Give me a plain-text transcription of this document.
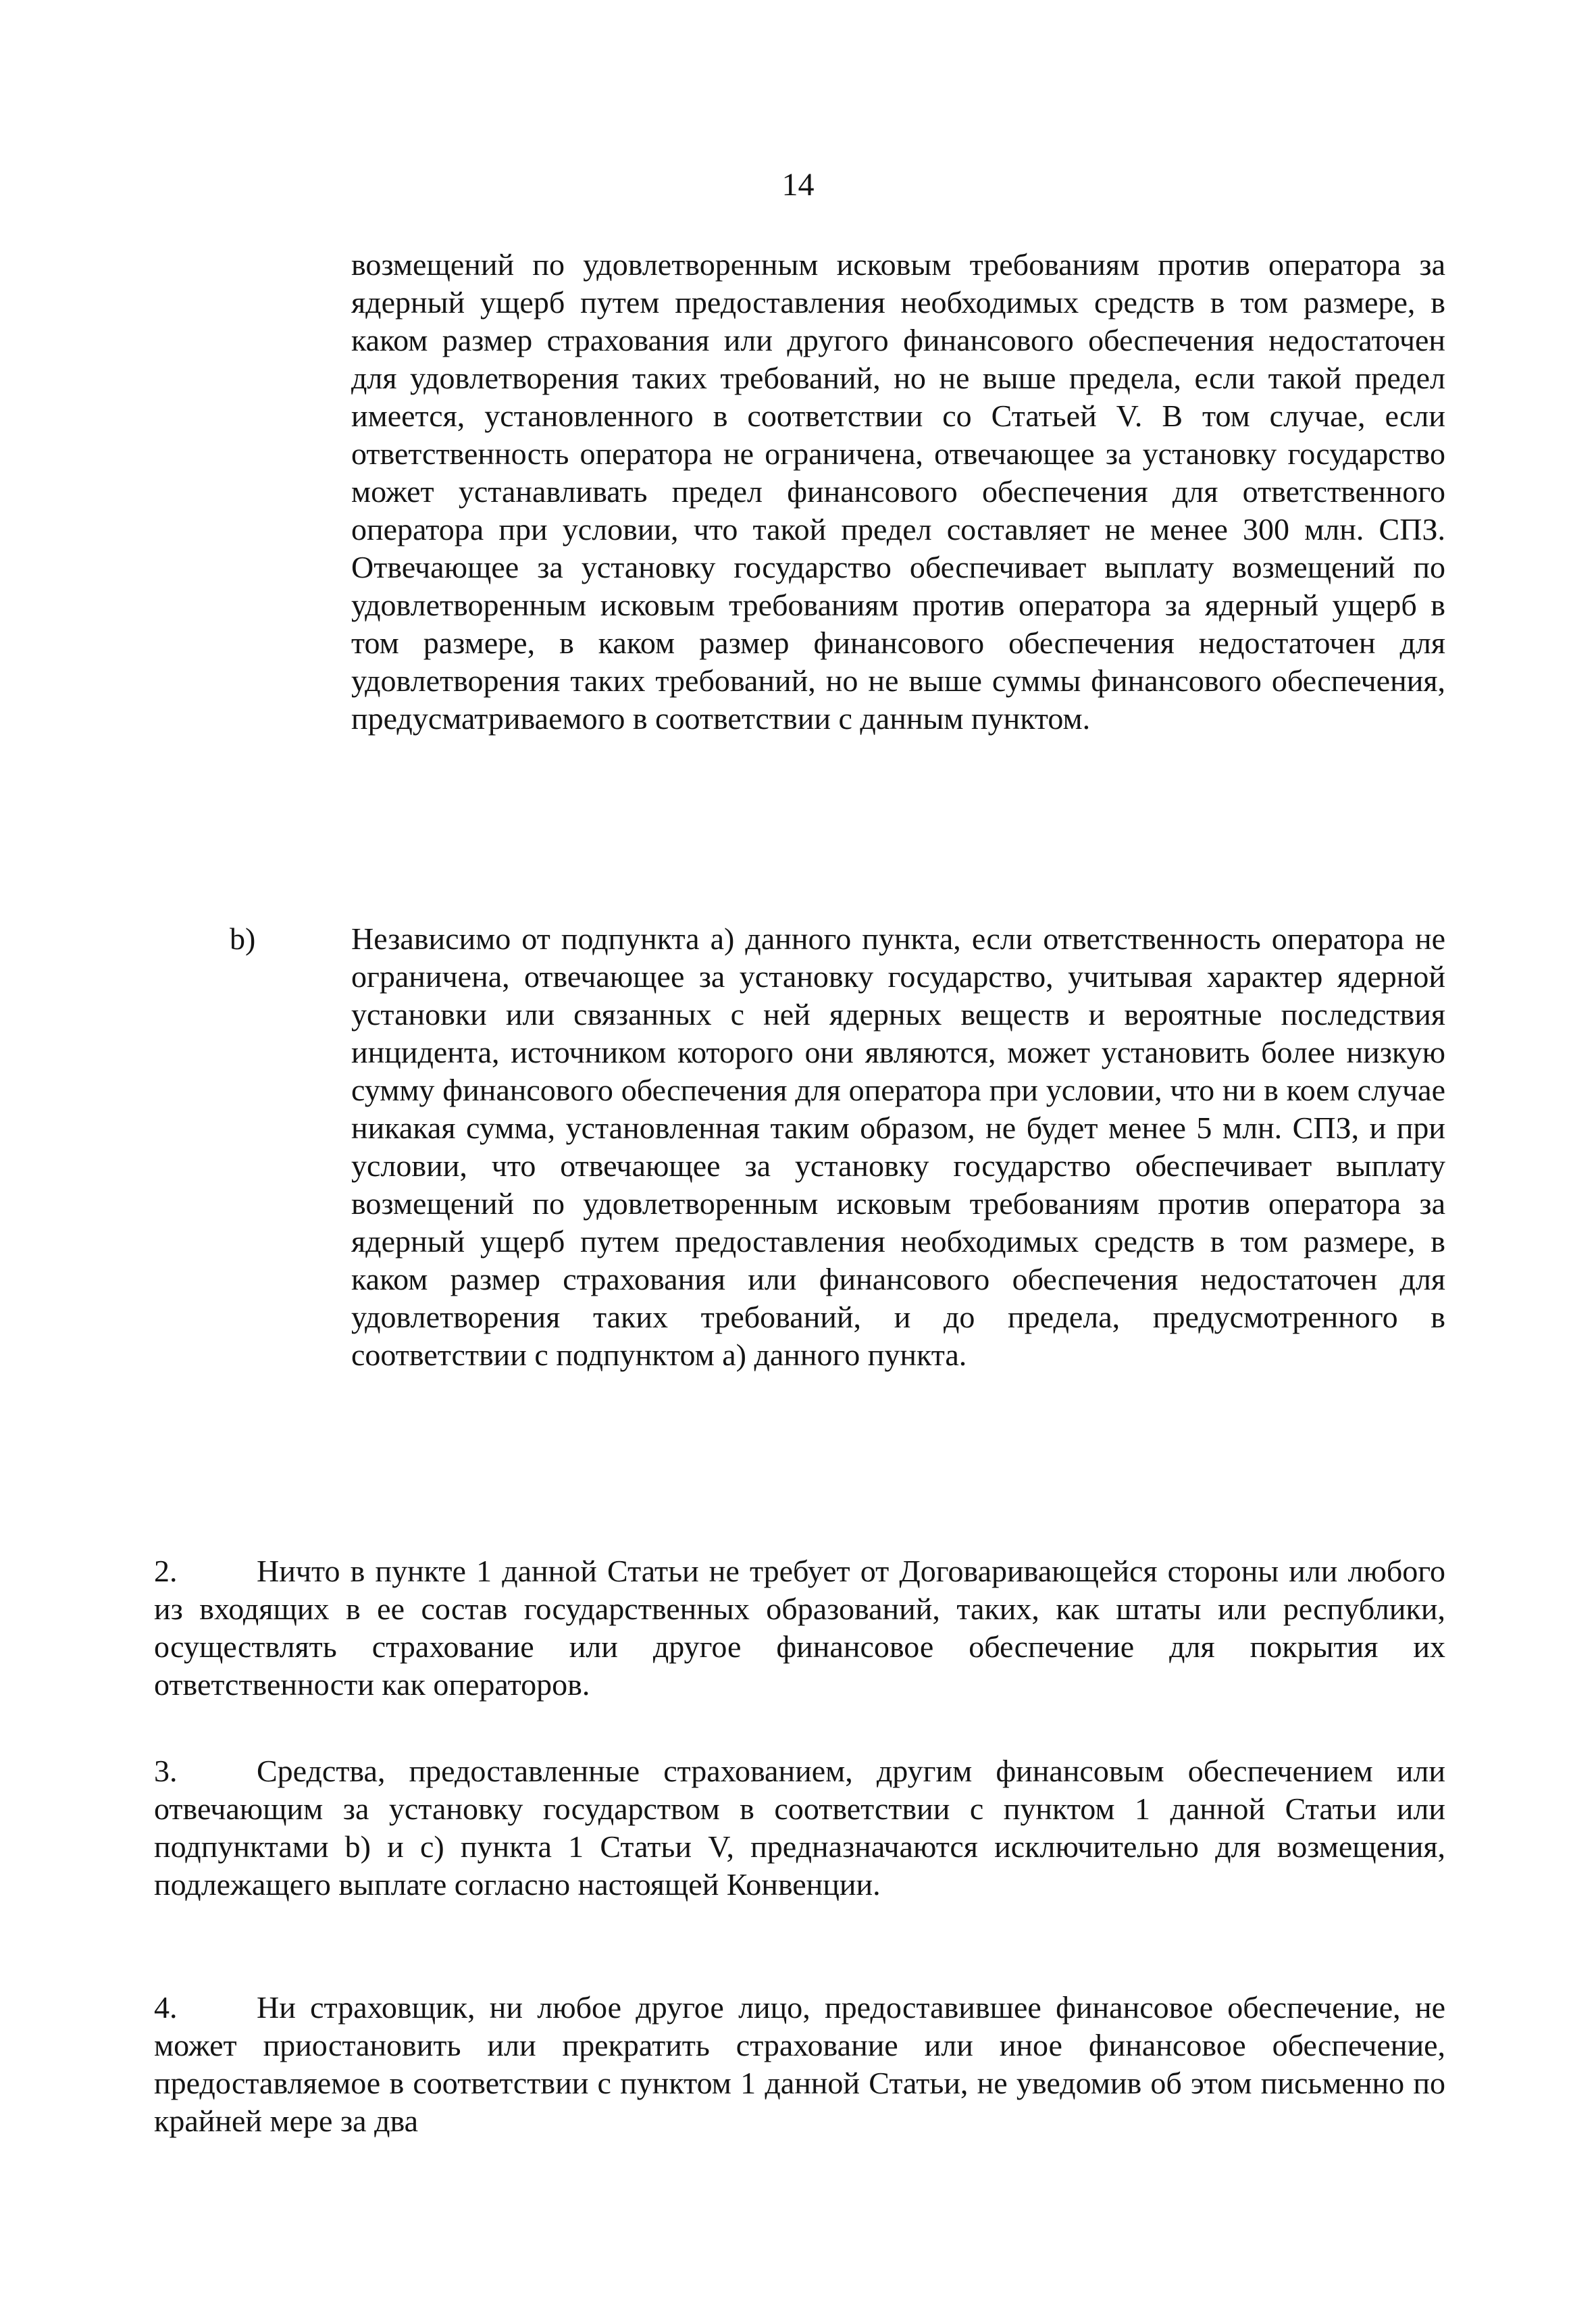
14
возмещений по удовлетворенным исковым требованиям против оператора за ядерный ущерб путем предоставления необходимых средств в том размере, в каком размер страхования или другого финансового обеспечения недостаточен для удовлетворения таких требований, но не выше предела, если такой предел имеется, установленного в соответствии со Статьей V. В том случае, если ответственность оператора не ограничена, отвечающее за установку государство может устанавливать предел финансового обеспечения для ответственного оператора при условии, что такой предел составляет не менее 300 млн. СПЗ. Отвечающее за установку государство обеспечивает выплату возмещений по удовлетворенным исковым требованиям против оператора за ядерный ущерб в том размере, в каком размер финансового обеспечения недостаточен для удовлетворения таких требований, но не выше суммы финансового обеспечения, предусматриваемого в соответствии с данным пунктом.
b)	Независимо от подпункта а) данного пункта, если ответственность оператора не ограничена, отвечающее за установку государство, учитывая характер ядерной установки или связанных с ней ядерных веществ и вероятные последствия инцидента, источником которого они являются, может установить более низкую сумму финансового обеспечения для оператора при условии, что ни в коем случае никакая сумма, установленная таким образом, не будет менее 5 млн. СПЗ, и при условии, что отвечающее за установку государство обеспечивает выплату возмещений по удовлетворенным исковым требованиям против оператора за ядерный ущерб путем предоставления необходимых средств в том размере, в каком размер страхования или финансового обеспечения недостаточен для удовлетворения таких требований, и до предела, предусмотренного в соответствии с подпунктом а) данного пункта.
2.	Ничто в пункте 1 данной Статьи не требует от Договаривающейся стороны или любого из входящих в ее состав государственных образований, таких, как штаты или республики, осуществлять страхование или другое финансовое обеспечение для покрытия их ответственности как операторов.
3.	Средства, предоставленные страхованием, другим финансовым обеспечением или отвечающим за установку государством в соответствии с пунктом 1 данной Статьи или подпунктами b) и с) пункта 1 Статьи V, предназначаются исключительно для возмещения, подлежащего выплате согласно настоящей Конвенции.
4.	Ни страховщик, ни любое другое лицо, предоставившее финансовое обеспечение, не может приостановить или прекратить страхование или иное финансовое обеспечение, предоставляемое в соответствии с пунктом 1 данной Статьи, не уведомив об этом письменно по крайней мере за два
